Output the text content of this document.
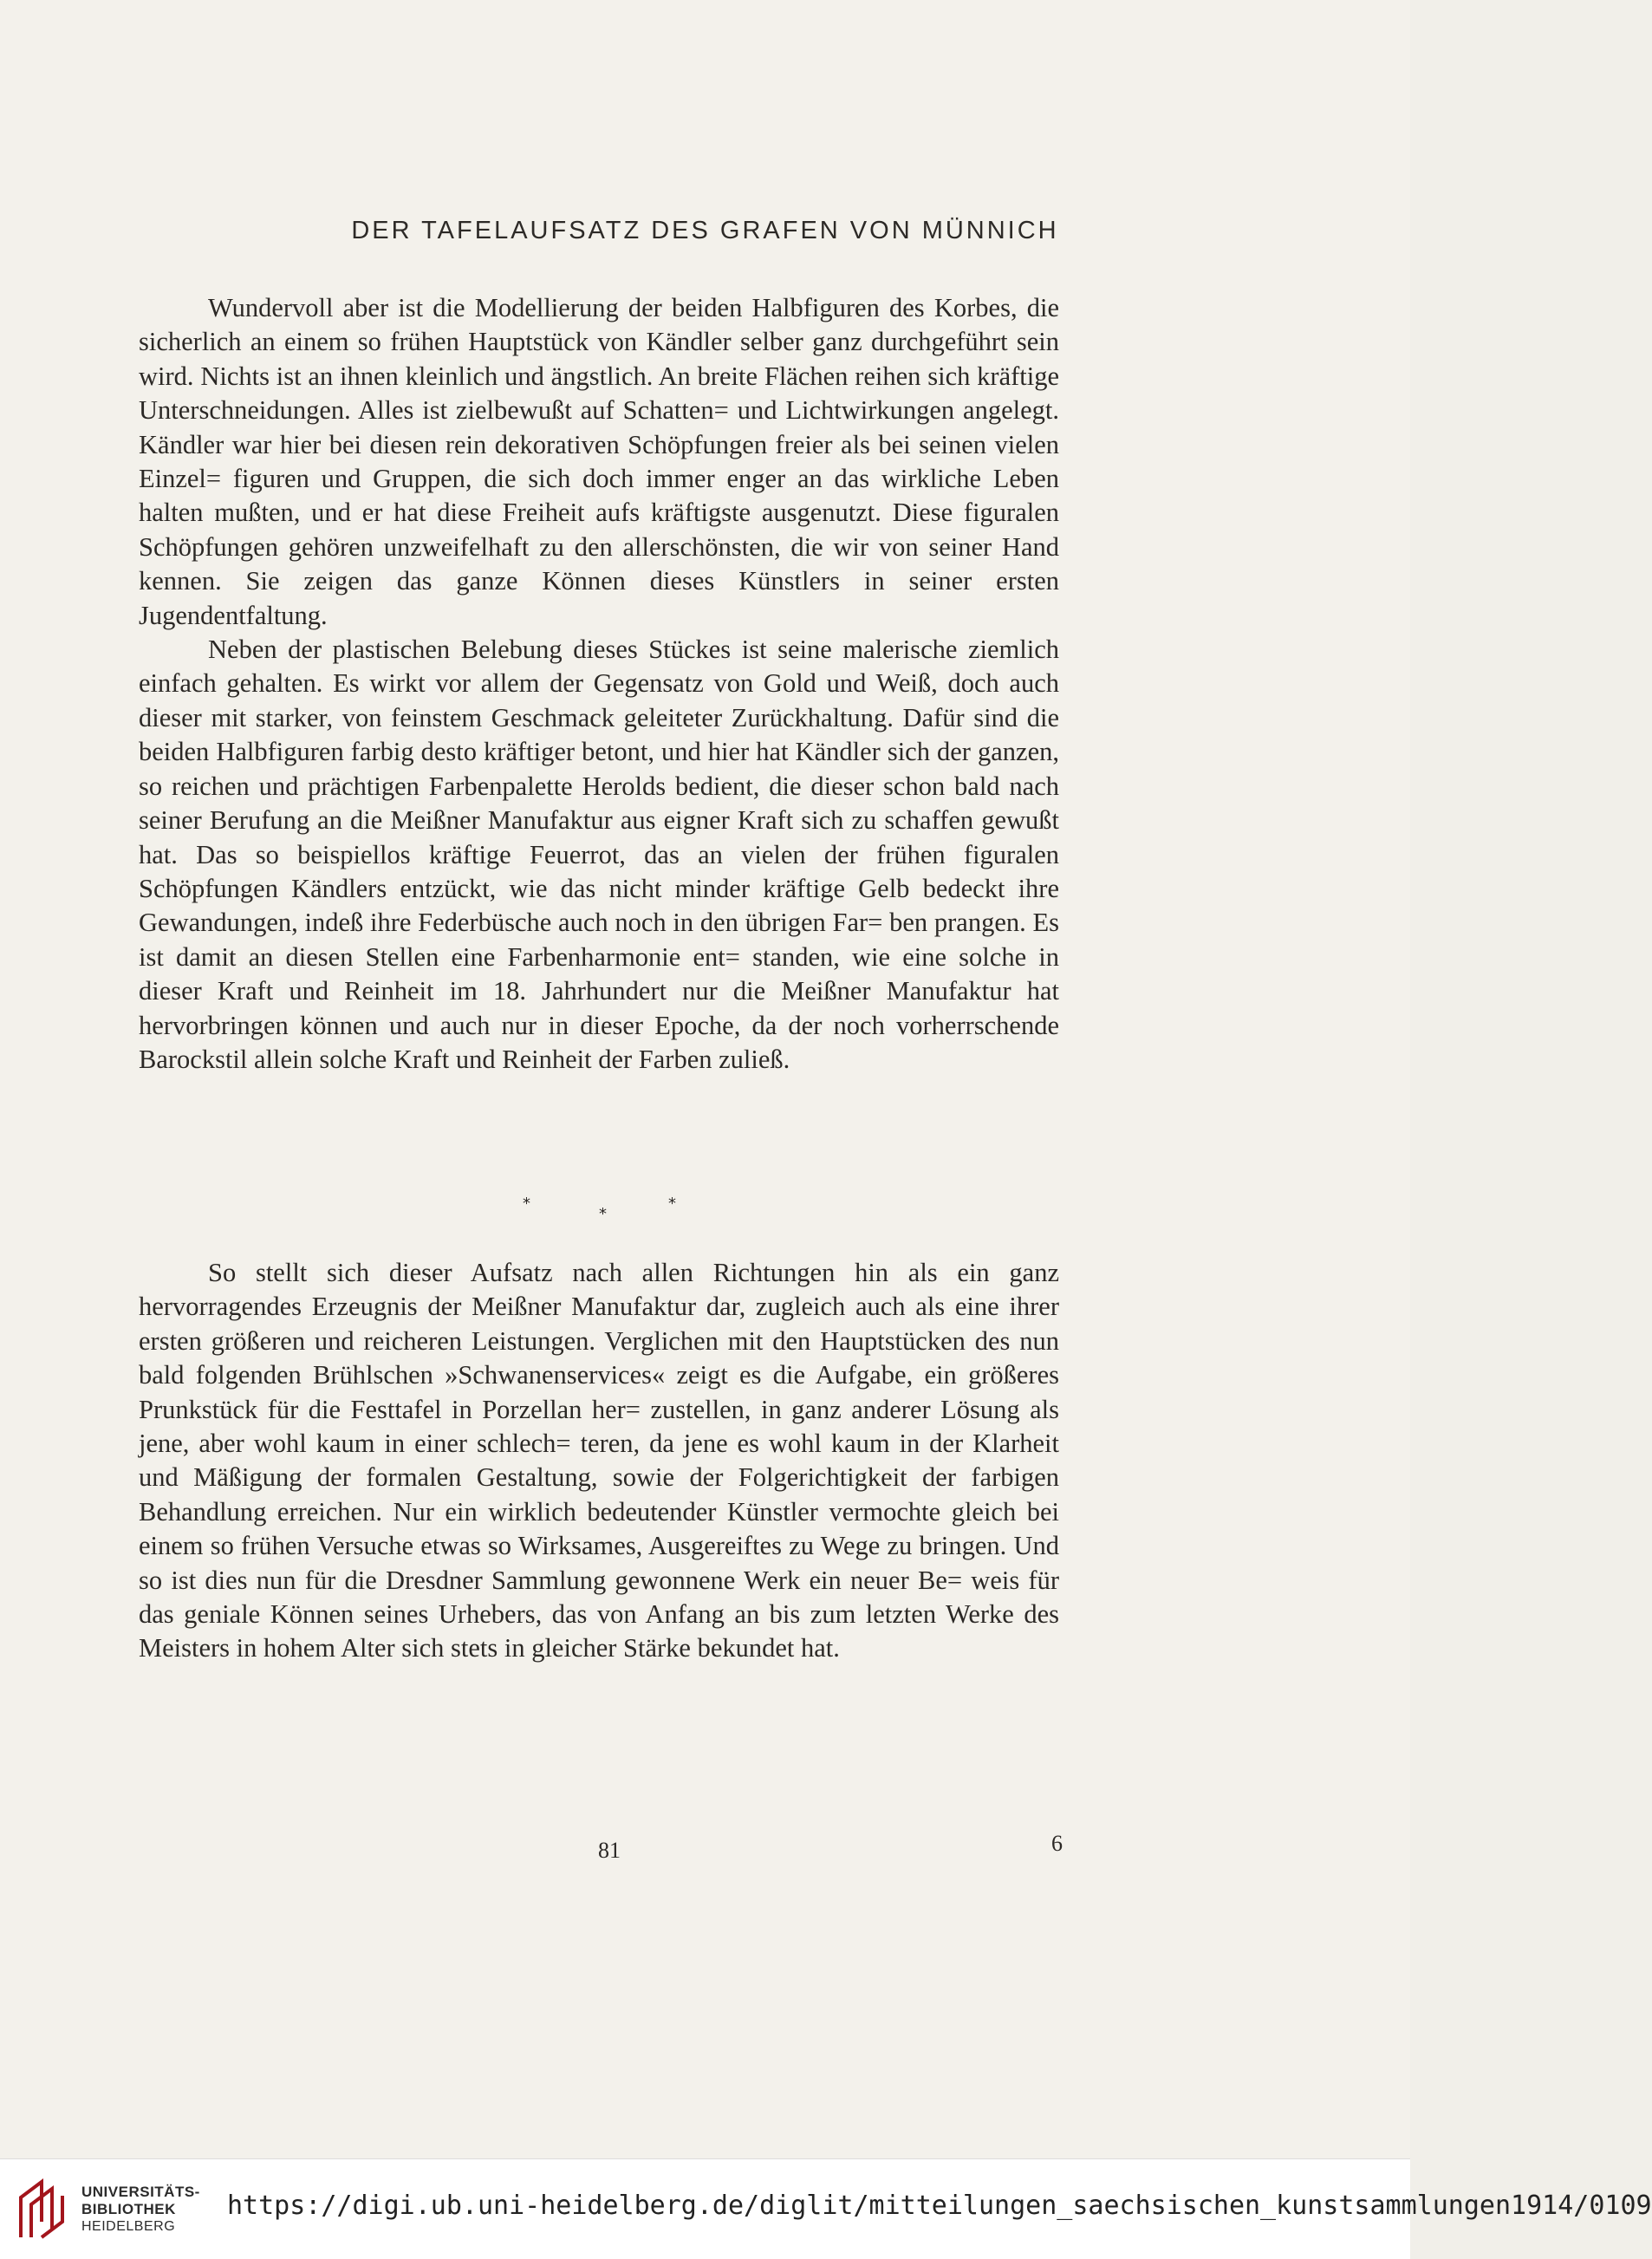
DER TAFELAUFSATZ DES GRAFEN VON MÜNNICH

Wundervoll aber ist die Modellierung der beiden Halbfiguren des Korbes, die sicherlich an einem so frühen Hauptstück von Kändler selber ganz durchgeführt sein wird. Nichts ist an ihnen kleinlich und ängstlich. An breite Flächen reihen sich kräftige Unterschneidungen. Alles ist zielbewußt auf Schatten= und Lichtwirkungen angelegt. Kändler war hier bei diesen rein dekorativen Schöpfungen freier als bei seinen vielen Einzel= figuren und Gruppen, die sich doch immer enger an das wirkliche Leben halten mußten, und er hat diese Freiheit aufs kräftigste ausgenutzt. Diese figuralen Schöpfungen gehören unzweifelhaft zu den allerschönsten, die wir von seiner Hand kennen. Sie zeigen das ganze Können dieses Künstlers in seiner ersten Jugendentfaltung.

Neben der plastischen Belebung dieses Stückes ist seine malerische ziemlich einfach gehalten. Es wirkt vor allem der Gegensatz von Gold und Weiß, doch auch dieser mit starker, von feinstem Geschmack geleiteter Zurückhaltung. Dafür sind die beiden Halbfiguren farbig desto kräftiger betont, und hier hat Kändler sich der ganzen, so reichen und prächtigen Farbenpalette Herolds bedient, die dieser schon bald nach seiner Berufung an die Meißner Manufaktur aus eigner Kraft sich zu schaffen gewußt hat. Das so beispiellos kräftige Feuerrot, das an vielen der frühen figuralen Schöpfungen Kändlers entzückt, wie das nicht minder kräftige Gelb bedeckt ihre Gewandungen, indeß ihre Federbüsche auch noch in den übrigen Far= ben prangen. Es ist damit an diesen Stellen eine Farbenharmonie ent= standen, wie eine solche in dieser Kraft und Reinheit im 18. Jahrhundert nur die Meißner Manufaktur hat hervorbringen können und auch nur in dieser Epoche, da der noch vorherrschende Barockstil allein solche Kraft und Reinheit der Farben zuließ.

*
*
*

So stellt sich dieser Aufsatz nach allen Richtungen hin als ein ganz hervorragendes Erzeugnis der Meißner Manufaktur dar, zugleich auch als eine ihrer ersten größeren und reicheren Leistungen. Verglichen mit den Hauptstücken des nun bald folgenden Brühlschen »Schwanenservices« zeigt es die Aufgabe, ein größeres Prunkstück für die Festtafel in Porzellan her= zustellen, in ganz anderer Lösung als jene, aber wohl kaum in einer schlech= teren, da jene es wohl kaum in der Klarheit und Mäßigung der formalen Gestaltung, sowie der Folgerichtigkeit der farbigen Behandlung erreichen. Nur ein wirklich bedeutender Künstler vermochte gleich bei einem so frühen Versuche etwas so Wirksames, Ausgereiftes zu Wege zu bringen. Und so ist dies nun für die Dresdner Sammlung gewonnene Werk ein neuer Be= weis für das geniale Können seines Urhebers, das von Anfang an bis zum letzten Werke des Meisters in hohem Alter sich stets in gleicher Stärke bekundet hat.

81	6
UNIVERSITÄTS-
BIBLIOTHEK
HEIDELBERG
https://digi.ub.uni-heidelberg.de/diglit/mitteilungen_saechsischen_kunstsammlungen1914/0109
